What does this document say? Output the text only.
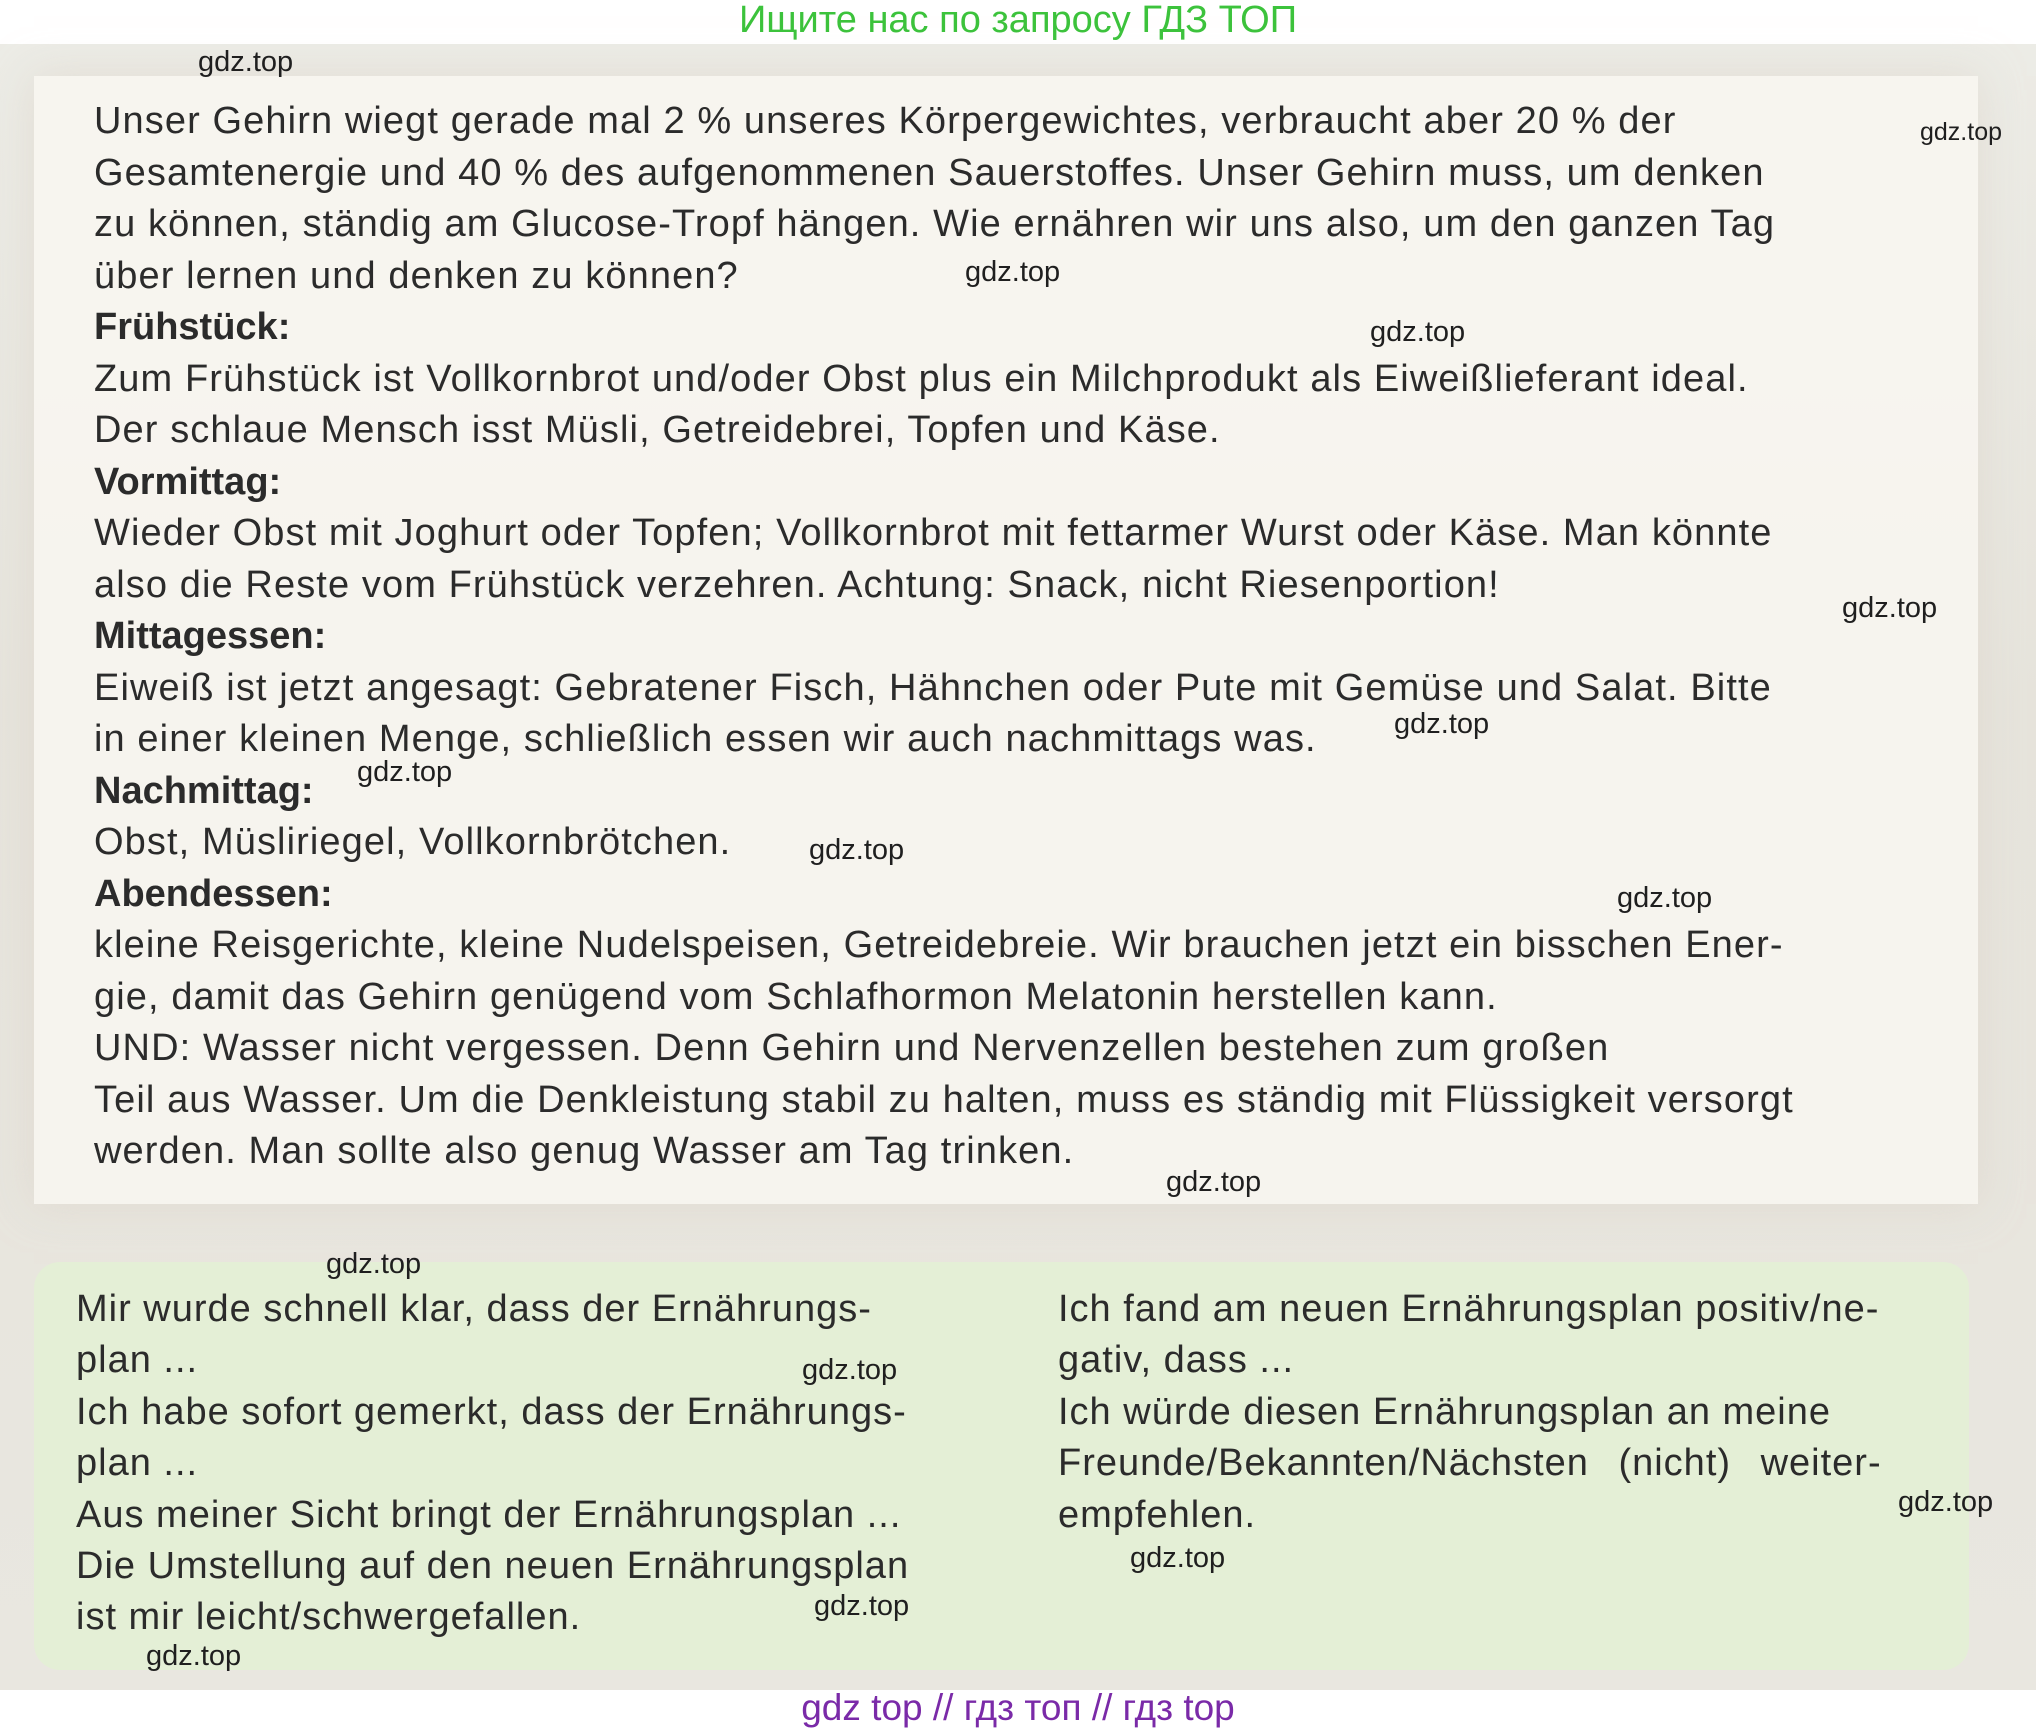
Ищите нас по запросу ГДЗ ТОП
Unser Gehirn wiegt gerade mal 2 % unseres Körpergewichtes, verbraucht aber 20 % der
Gesamtenergie und 40 % des aufgenommenen Sauerstoffes. Unser Gehirn muss, um denken
zu können, ständig am Glucose-Tropf hängen. Wie ernähren wir uns also, um den ganzen Tag
über lernen und denken zu können?
Frühstück:
Zum Frühstück ist Vollkornbrot und/oder Obst plus ein Milchprodukt als Eiweißlieferant ideal.
Der schlaue Mensch isst Müsli, Getreidebrei, Topfen und Käse.
Vormittag:
Wieder Obst mit Joghurt oder Topfen; Vollkornbrot mit fettarmer Wurst oder Käse. Man könnte
also die Reste vom Frühstück verzehren. Achtung: Snack, nicht Riesenportion!
Mittagessen:
Eiweiß ist jetzt angesagt: Gebratener Fisch, Hähnchen oder Pute mit Gemüse und Salat. Bitte
in einer kleinen Menge, schließlich essen wir auch nachmittags was.
Nachmittag:
Obst, Müsliriegel, Vollkornbrötchen.
Abendessen:
kleine Reisgerichte, kleine Nudelspeisen, Getreidebreie. Wir brauchen jetzt ein bisschen Ener-
gie, damit das Gehirn genügend vom Schlafhormon Melatonin herstellen kann.
UND: Wasser nicht vergessen. Denn Gehirn und Nervenzellen bestehen zum großen
Teil aus Wasser. Um die Denkleistung stabil zu halten, muss es ständig mit Flüssigkeit versorgt
werden. Man sollte also genug Wasser am Tag trinken.
Mir wurde schnell klar, dass der Ernährungs-
plan ...
Ich habe sofort gemerkt, dass der Ernährungs-
plan ...
Aus meiner Sicht bringt der Ernährungsplan ...
Die Umstellung auf den neuen Ernährungsplan
ist mir leicht/schwergefallen.
Ich fand am neuen Ernährungsplan positiv/ne-
gativ, dass ...
Ich würde diesen Ernährungsplan an meine
Freunde/Bekannten/Nächsten (nicht) weiter-
empfehlen.
gdz.top
gdz.top
gdz.top
gdz.top
gdz.top
gdz.top
gdz.top
gdz.top
gdz.top
gdz.top
gdz.top
gdz.top
gdz.top
gdz.top
gdz.top
gdz.top
gdz top // гдз топ // гдз top
